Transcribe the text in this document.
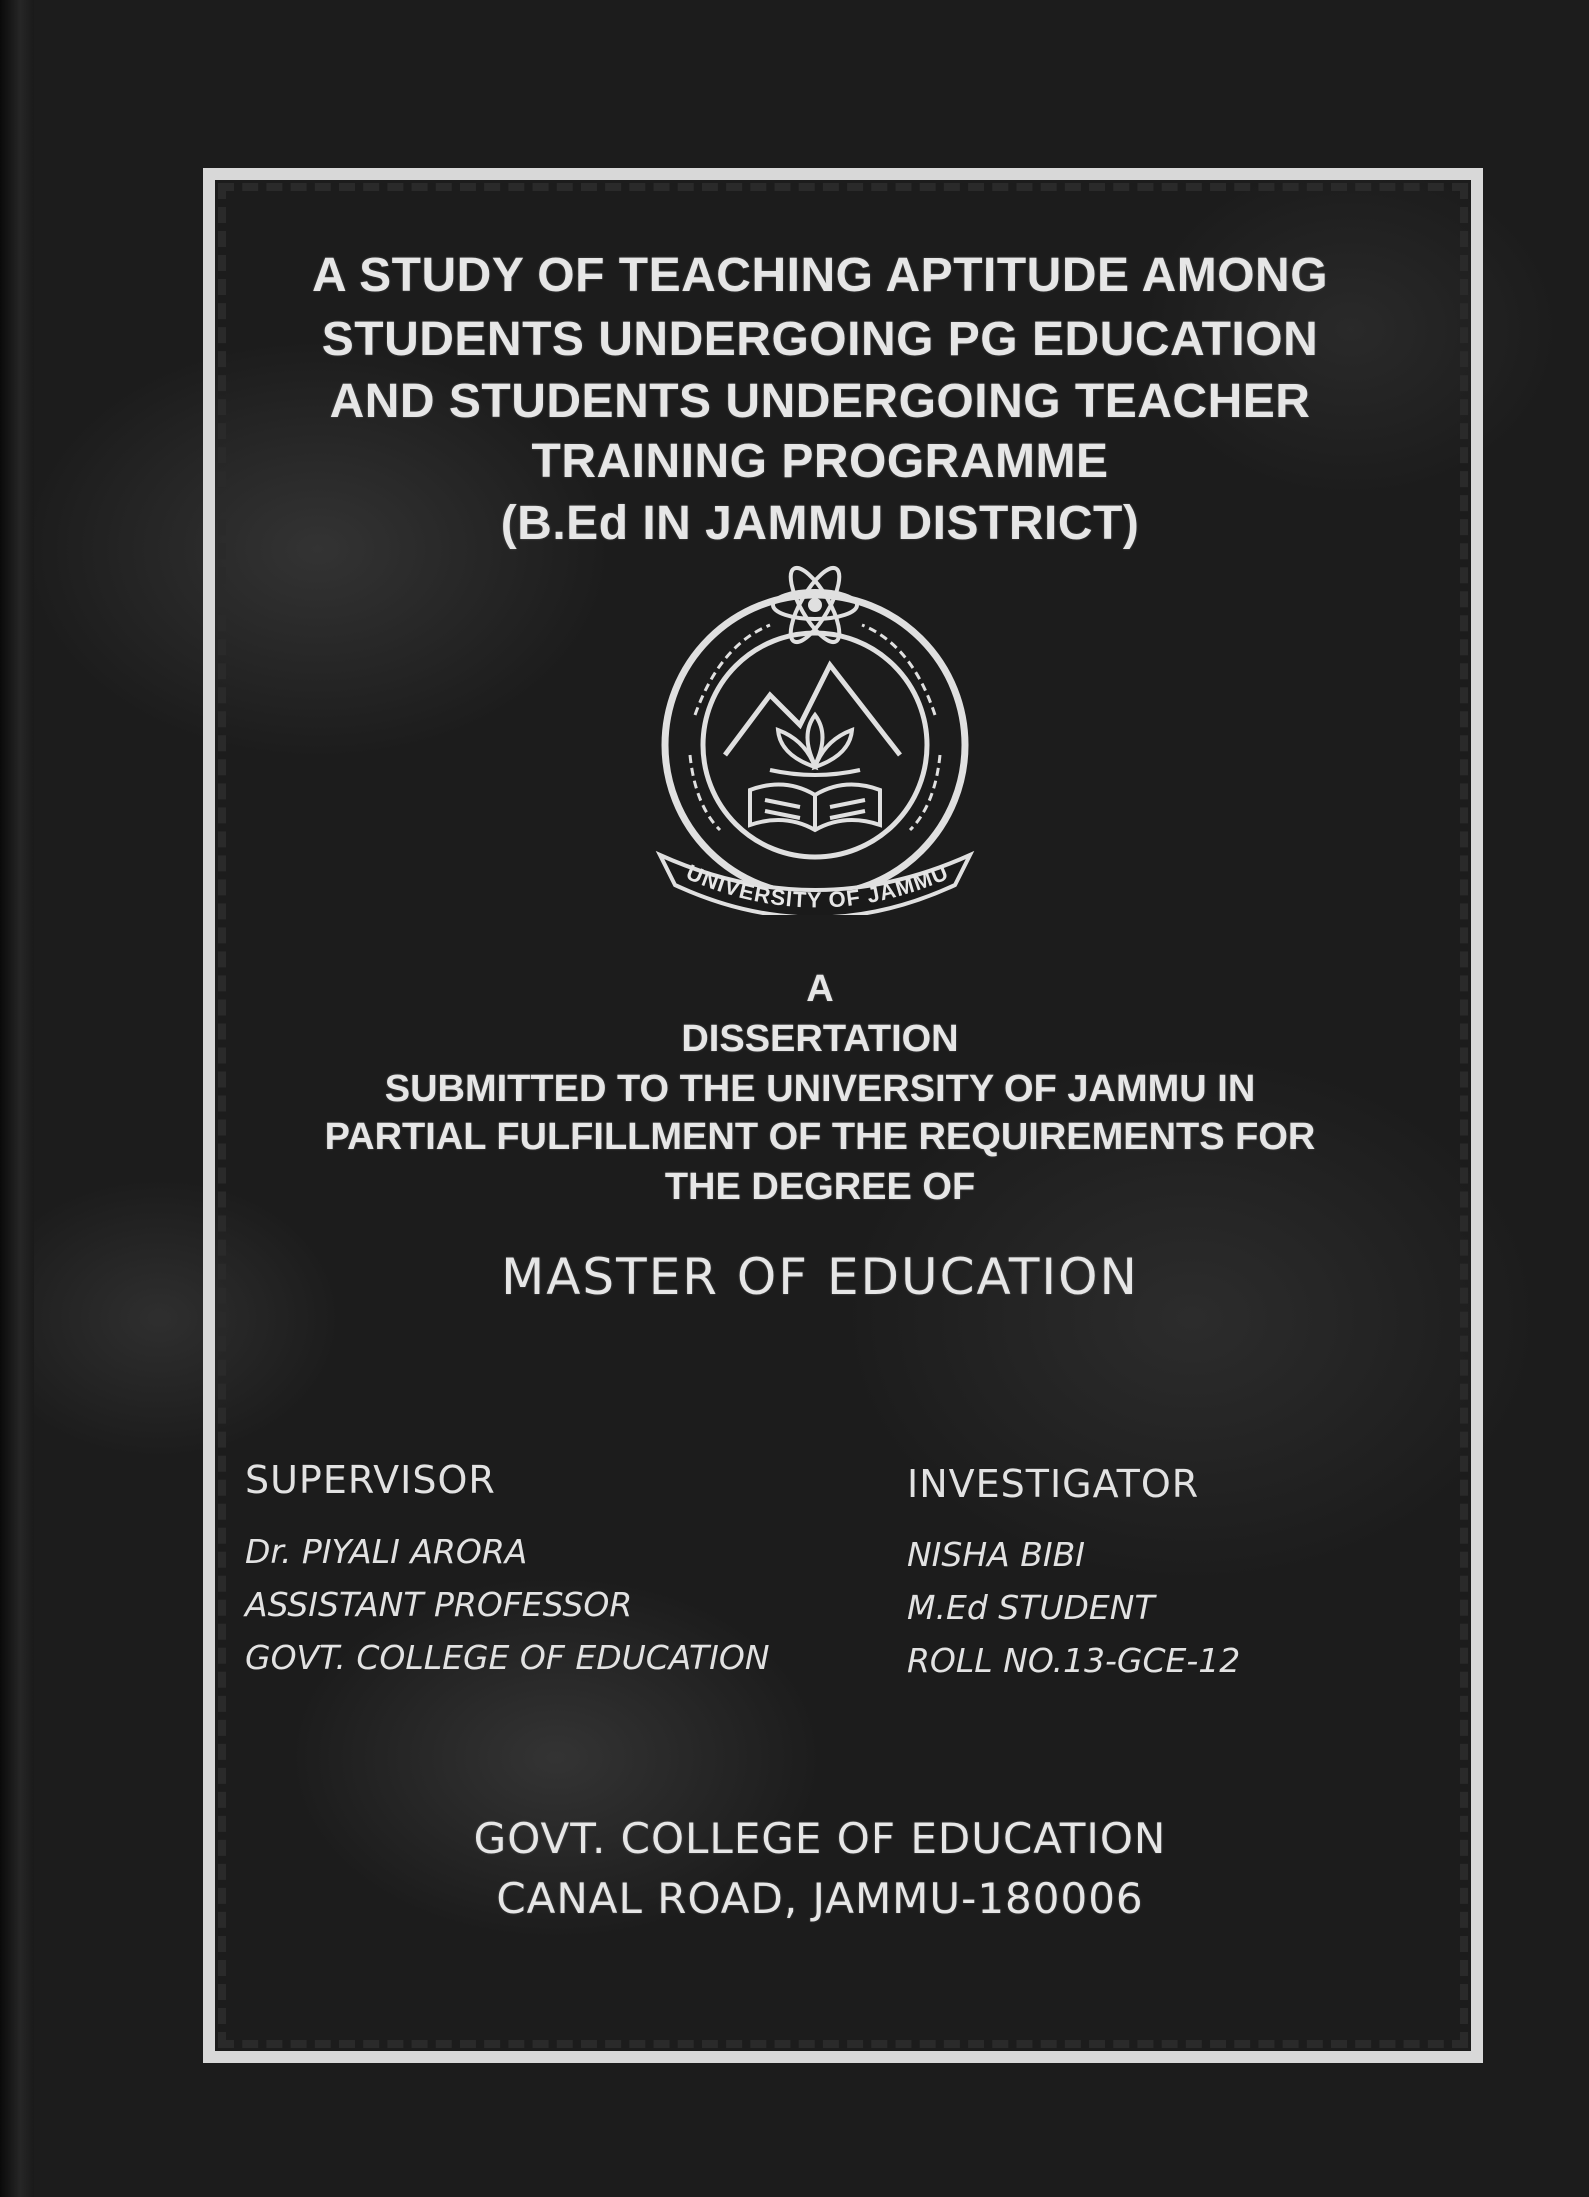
A STUDY OF TEACHING APTITUDE AMONG
STUDENTS UNDERGOING PG EDUCATION
AND STUDENTS UNDERGOING TEACHER
TRAINING PROGRAMME
(B.Ed IN JAMMU DISTRICT)
UNIVERSITY OF JAMMU
A
DISSERTATION
SUBMITTED TO THE UNIVERSITY OF JAMMU IN
PARTIAL FULFILLMENT OF THE REQUIREMENTS FOR
THE DEGREE OF
MASTER OF EDUCATION
SUPERVISOR
Dr. PIYALI ARORA
ASSISTANT PROFESSOR
GOVT. COLLEGE OF EDUCATION
INVESTIGATOR
NISHA BIBI
M.Ed STUDENT
ROLL NO.13-GCE-12
GOVT. COLLEGE OF EDUCATION
CANAL ROAD, JAMMU-180006
